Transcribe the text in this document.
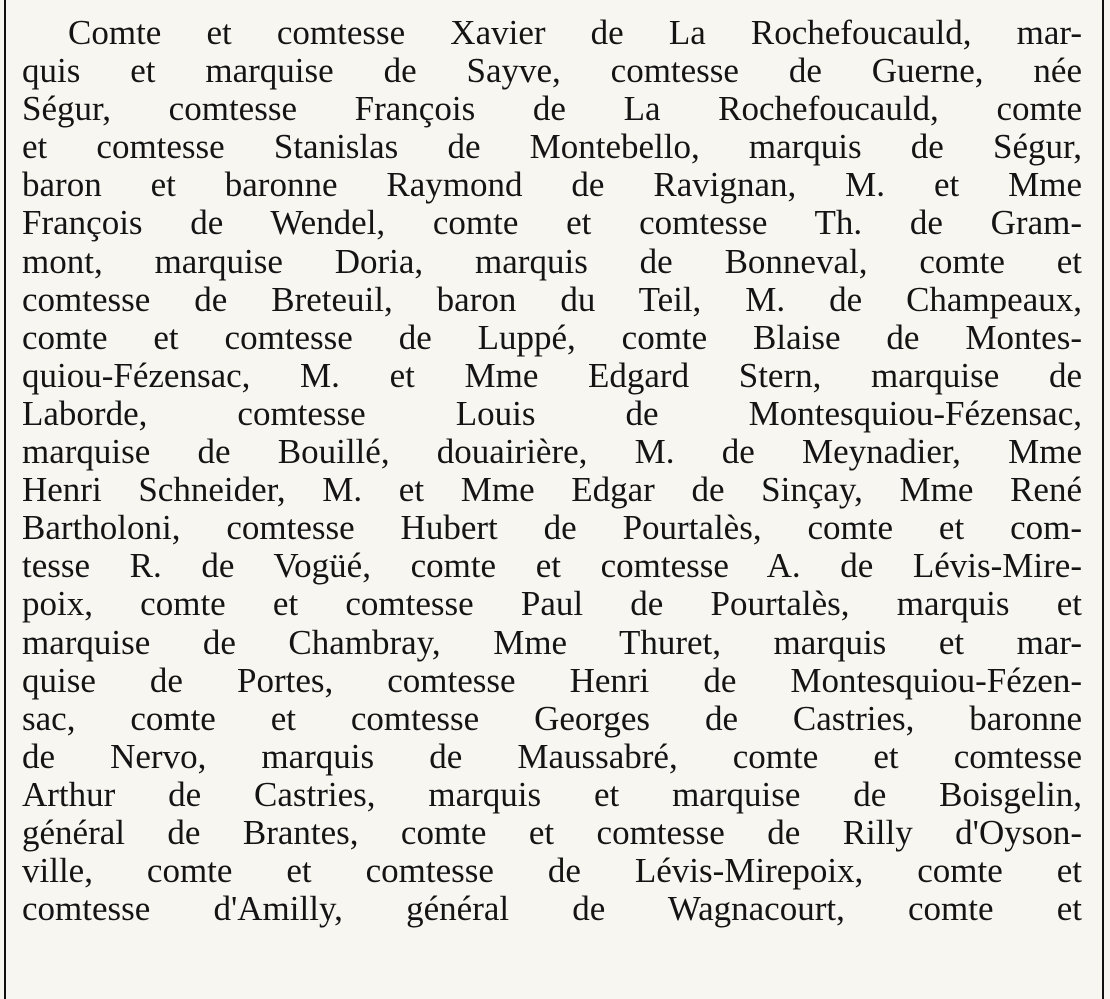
Comte et comtesse Xavier de La Rochefoucauld, mar-
quis et marquise de Sayve, comtesse de Guerne, née
Ségur, comtesse François de La Rochefoucauld, comte
et comtesse Stanislas de Montebello, marquis de Ségur,
baron et baronne Raymond de Ravignan, M. et Mme
François de Wendel, comte et comtesse Th. de Gram-
mont, marquise Doria, marquis de Bonneval, comte et
comtesse de Breteuil, baron du Teil, M. de Champeaux,
comte et comtesse de Luppé, comte Blaise de Montes-
quiou-Fézensac, M. et Mme Edgard Stern, marquise de
Laborde, comtesse Louis de Montesquiou-Fézensac,
marquise de Bouillé, douairière, M. de Meynadier, Mme
Henri Schneider, M. et Mme Edgar de Sinçay, Mme René
Bartholoni, comtesse Hubert de Pourtalès, comte et com-
tesse R. de Vogüé, comte et comtesse A. de Lévis-Mire-
poix, comte et comtesse Paul de Pourtalès, marquis et
marquise de Chambray, Mme Thuret, marquis et mar-
quise de Portes, comtesse Henri de Montesquiou-Fézen-
sac, comte et comtesse Georges de Castries, baronne
de Nervo, marquis de Maussabré, comte et comtesse
Arthur de Castries, marquis et marquise de Boisgelin,
général de Brantes, comte et comtesse de Rilly d'Oyson-
ville, comte et comtesse de Lévis-Mirepoix, comte et
comtesse d'Amilly, général de Wagnacourt, comte et
